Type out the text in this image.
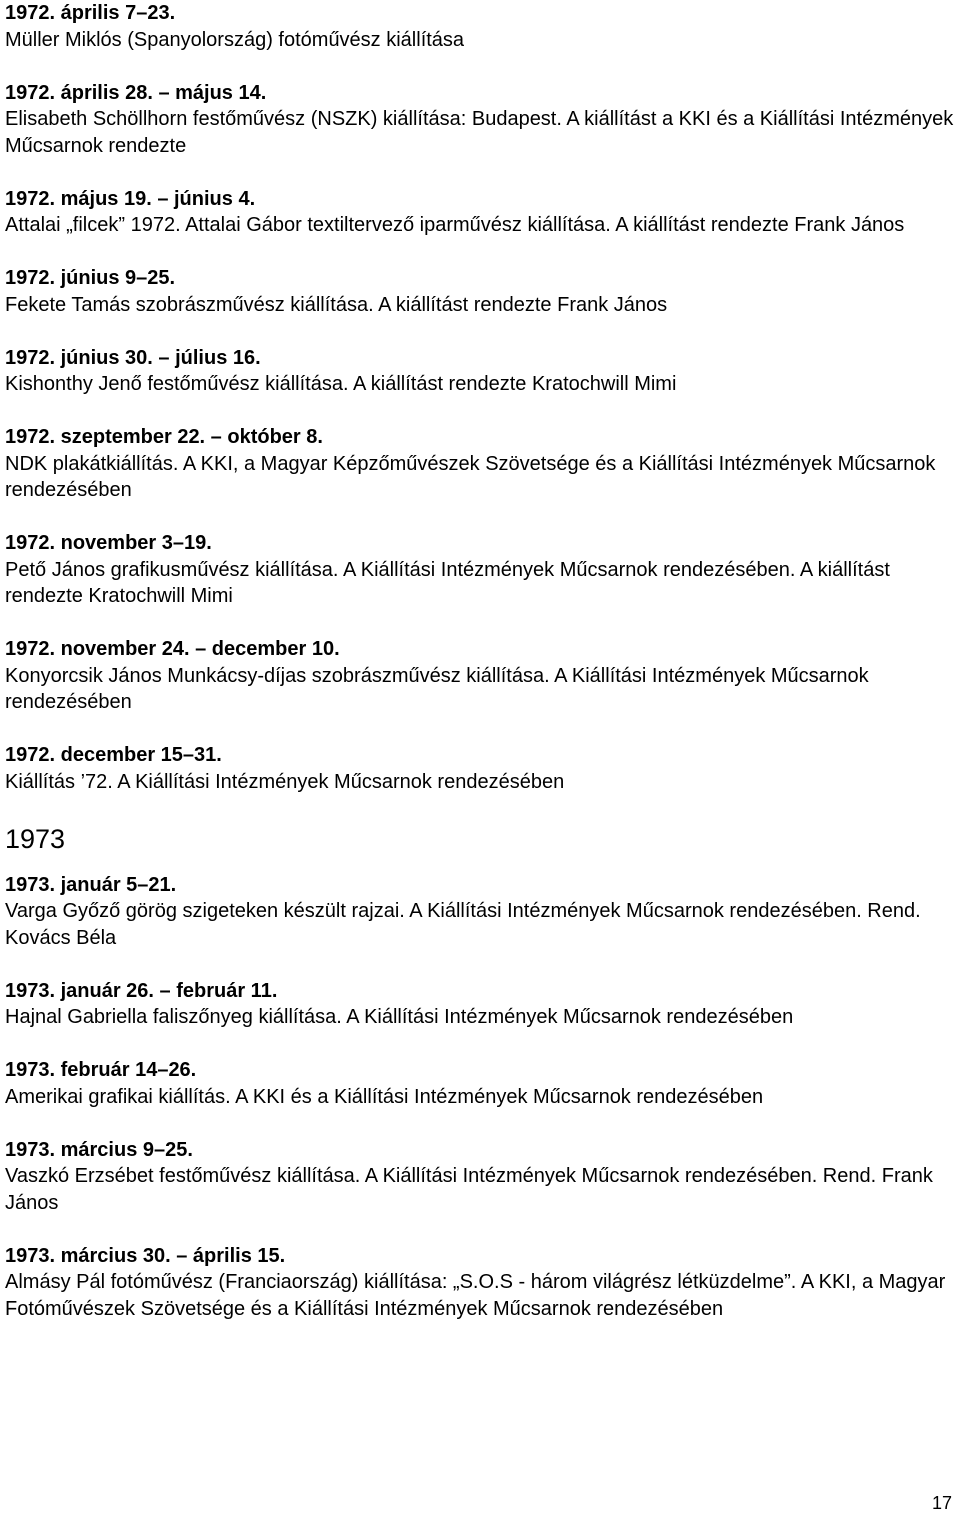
1972. április 7–23.
Müller Miklós (Spanyolország) fotóművész kiállítása
1972. április 28. – május 14.
Elisabeth Schöllhorn festőművész (NSZK) kiállítása: Budapest. A kiállítást a KKI és a Kiállítási Intézmények Műcsarnok rendezte
1972. május 19. – június 4.
Attalai „filcek” 1972. Attalai Gábor textiltervező iparművész kiállítása. A kiállítást rendezte Frank János
1972. június 9–25.
Fekete Tamás szobrászművész kiállítása. A kiállítást rendezte Frank János
1972. június 30. – július 16.
Kishonthy Jenő festőművész kiállítása. A kiállítást rendezte Kratochwill Mimi
1972. szeptember 22. – október 8.
NDK plakátkiállítás. A KKI, a Magyar Képzőművészek Szövetsége és a Kiállítási Intézmények Műcsarnok rendezésében
1972. november 3–19.
Pető János grafikusművész kiállítása. A Kiállítási Intézmények Műcsarnok rendezésében. A kiállítást rendezte Kratochwill Mimi
1972. november 24. – december 10.
Konyorcsik János Munkácsy-díjas szobrászművész kiállítása. A Kiállítási Intézmények Műcsarnok rendezésében
1972. december 15–31.
Kiállítás ’72. A Kiállítási Intézmények Műcsarnok rendezésében
1973
1973. január 5–21.
Varga Győző görög szigeteken készült rajzai. A Kiállítási Intézmények Műcsarnok rendezésében. Rend. Kovács Béla
1973. január 26. – február 11.
Hajnal Gabriella faliszőnyeg kiállítása. A Kiállítási Intézmények Műcsarnok rendezésében
1973. február 14–26.
Amerikai grafikai kiállítás. A KKI és a Kiállítási Intézmények Műcsarnok rendezésében
1973. március 9–25.
Vaszkó Erzsébet festőművész kiállítása. A Kiállítási Intézmények Műcsarnok rendezésében. Rend. Frank János
1973. március 30. – április 15.
Almásy Pál fotóművész (Franciaország) kiállítása: „S.O.S - három világrész létküzdelme”. A KKI, a Magyar Fotóművészek Szövetsége és a Kiállítási Intézmények Műcsarnok rendezésében
17
